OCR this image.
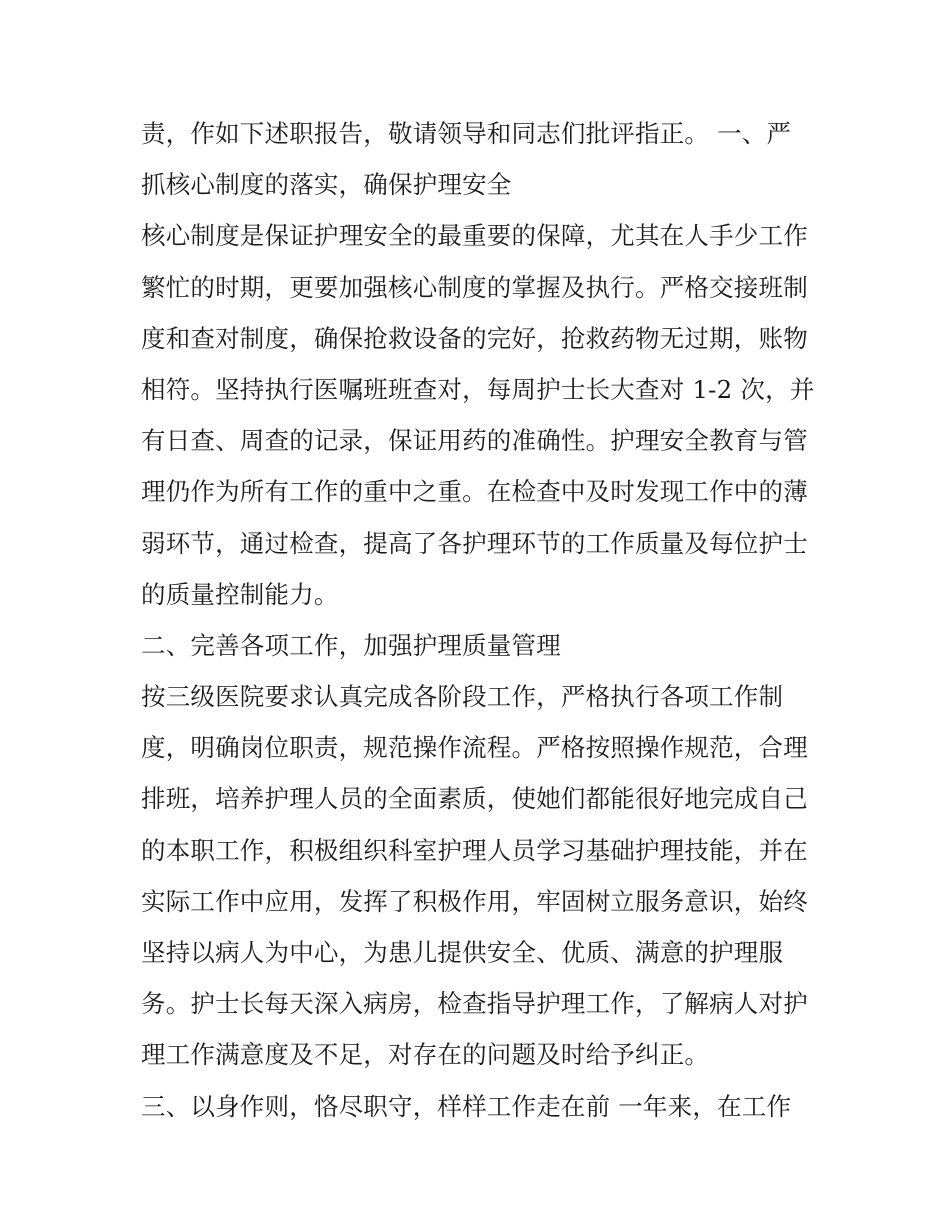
责，作如下述职报告，敬请领导和同志们批评指正。 一、严
抓核心制度的落实，确保护理安全
核心制度是保证护理安全的最重要的保障，尤其在人手少工作
繁忙的时期，更要加强核心制度的掌握及执行。严格交接班制
度和查对制度，确保抢救设备的完好，抢救药物无过期，账物
相符。坚持执行医嘱班班查对，每周护士长大查对 1-2 次，并
有日查、周查的记录，保证用药的准确性。护理安全教育与管
理仍作为所有工作的重中之重。在检查中及时发现工作中的薄
弱环节，通过检查，提高了各护理环节的工作质量及每位护士
的质量控制能力。
二、完善各项工作，加强护理质量管理
按三级医院要求认真完成各阶段工作，严格执行各项工作制
度，明确岗位职责，规范操作流程。严格按照操作规范，合理
排班，培养护理人员的全面素质，使她们都能很好地完成自己
的本职工作，积极组织科室护理人员学习基础护理技能，并在
实际工作中应用，发挥了积极作用，牢固树立服务意识，始终
坚持以病人为中心，为患儿提供安全、优质、满意的护理服
务。护士长每天深入病房，检查指导护理工作，了解病人对护
理工作满意度及不足，对存在的问题及时给予纠正。
三、以身作则，恪尽职守，样样工作走在前 一年来，在工作
